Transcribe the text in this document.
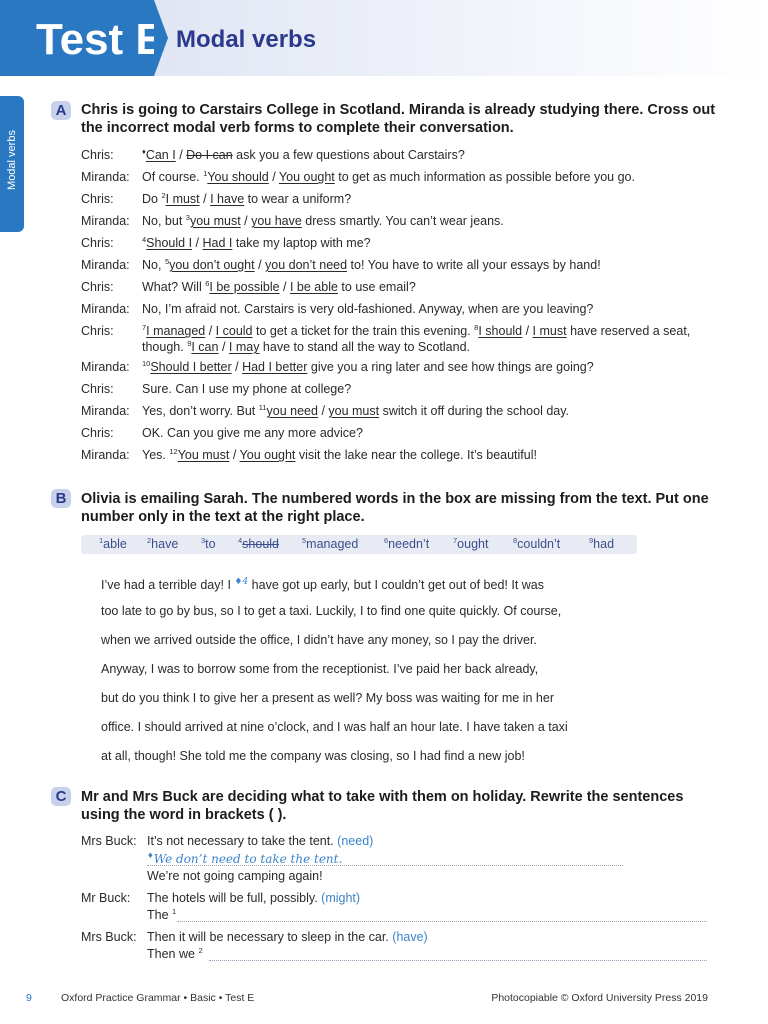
Test E Modal verbs
Modal verbs
A	Chris is going to Carstairs College in Scotland. Miranda is already studying there. Cross out the incorrect modal verb forms to complete their conversation.
Chris:	♦Can I / Do I can ask you a few questions about Carstairs?
Miranda: Of course. $^1$You should / You ought to get as much information as possible before you go.
Chris:	Do $^2$I must / I have to wear a uniform?
Miranda: No, but $^3$you must / you have dress smartly. You can’t wear jeans.
Chris:	$^4$Should I / Had I take my laptop with me?
Miranda: No, $^5$you don’t ought / you don’t need to! You have to write all your essays by hand!
Chris:	What? Will $^6$I be possible / I be able to use email?
Miranda: No, I’m afraid not. Carstairs is very old-fashioned. Anyway, when are you leaving?
Chris:	$^7$I managed / I could to get a ticket for the train this evening. $^8$I should / I must have reserved a seat, though. $^9$I can / I may have to stand all the way to Scotland.
Miranda:	$^{10}$Should I better / Had I better give you a ring later and see how things are going?
Chris:	Sure. Can I use my phone at college?
Miranda: Yes, don’t worry. But $^{11}$you need / you must switch it off during the school day.
Chris:	OK. Can you give me any more advice?
Miranda: Yes. $^{12}$You must / You ought visit the lake near the college. It’s beautiful!
B	Olivia is emailing Sarah. The numbered words in the box are missing from the text. Put one number only in the text at the right place.
$^1$able	$^2$have	$^3$to	$^4$should	$^5$managed	$^6$needn’t	$^7$ought	$^8$couldn’t	$^9$had
I’ve had a terrible day! I $^{♦4}$ have got up early, but I couldn’t get out of bed! It was
too late to go by bus, so I to get a taxi. Luckily, I to find one quite quickly. Of course,
when we arrived outside the office, I didn’t have any money, so I pay the driver.
Anyway, I was to borrow some from the receptionist. I’ve paid her back already,
but do you think I to give her a present as well? My boss was waiting for me in her
office. I should arrived at nine o’clock, and I was half an hour late. I have taken a taxi
at all, though! She told me the company was closing, so I had find a new job!
C	Mr and Mrs Buck are deciding what to take with them on holiday. Rewrite the sentences using the word in brackets ( ).
Mrs Buck: It’s not necessary to take the tent. (need)
♦We don’t need to take the tent.
We’re not going camping again!
Mr Buck:	The hotels will be full, possibly. (might)
The $^1$
Mrs Buck: Then it will be necessary to sleep in the car. (have)
Then we $^2$
9	Oxford Practice Grammar • Basic • Test E	Photocopiable © Oxford University Press 2019
